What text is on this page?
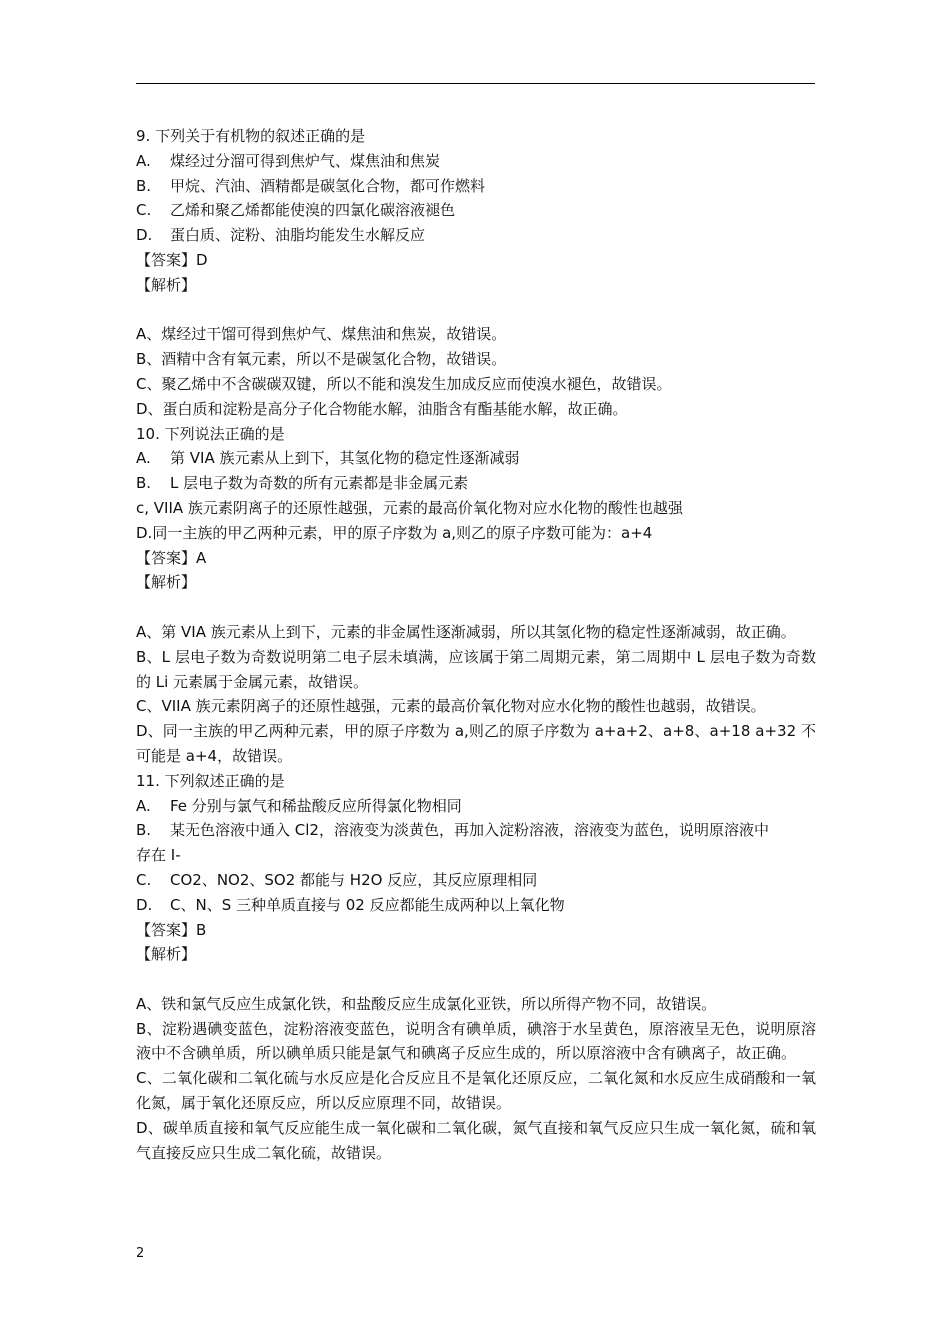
9. 下列关于有机物的叙述正确的是
A.	煤经过分溜可得到焦炉气、煤焦油和焦炭
B.	甲烷、汽油、酒精都是碳氢化合物，都可作燃料
C.	乙烯和聚乙烯都能使溴的四氯化碳溶液褪色
D.	蛋白质、淀粉、油脂均能发生水解反应
【答案】D
【解析】
A、煤经过干馏可得到焦炉气、煤焦油和焦炭，故错误。
B、酒精中含有氧元素，所以不是碳氢化合物，故错误。
C、聚乙烯中不含碳碳双键，所以不能和溴发生加成反应而使溴水褪色，故错误。
D、蛋白质和淀粉是高分子化合物能水解，油脂含有酯基能水解，故正确。
10. 下列说法正确的是
A.	第 VIA 族元素从上到下，其氢化物的稳定性逐渐减弱
B.	L 层电子数为奇数的所有元素都是非金属元素
c, VIIA 族元素阴离子的还原性越强，元素的最高价氧化物对应水化物的酸性也越强
D.同一主族的甲乙两种元素，甲的原子序数为 a,则乙的原子序数可能为：a+4
【答案】A
【解析】
A、第 VIA 族元素从上到下，元素的非金属性逐渐减弱，所以其氢化物的稳定性逐渐减弱，故正确。
B、L 层电子数为奇数说明第二电子层未填满，应该属于第二周期元素，第二周期中 L 层电子数为奇数的 Li 元素属于金属元素，故错误。
C、VIIA 族元素阴离子的还原性越强，元素的最高价氧化物对应水化物的酸性也越弱，故错误。
D、同一主族的甲乙两种元素，甲的原子序数为 a,则乙的原子序数为 a+a+2、a+8、a+18 a+32 不可能是 a+4，故错误。
11. 下列叙述正确的是
A.	Fe 分别与氯气和稀盐酸反应所得氯化物相同
B.	某无色溶液中通入 Cl2，溶液变为淡黄色，再加入淀粉溶液，溶液变为蓝色，说明原溶液中
存在 I-
C.	CO2、NO2、SO2 都能与 H2O 反应，其反应原理相同
D.	C、N、S 三种单质直接与 02 反应都能生成两种以上氧化物
【答案】B
【解析】
A、铁和氯气反应生成氯化铁，和盐酸反应生成氯化亚铁，所以所得产物不同，故错误。
B、淀粉遇碘变蓝色，淀粉溶液变蓝色，说明含有碘单质，碘溶于水呈黄色，原溶液呈无色，说明原溶液中不含碘单质，所以碘单质只能是氯气和碘离子反应生成的，所以原溶液中含有碘离子，故正确。
C、二氧化碳和二氧化硫与水反应是化合反应且不是氧化还原反应，二氧化氮和水反应生成硝酸和一氧化氮，属于氧化还原反应，所以反应原理不同，故错误。
D、碳单质直接和氧气反应能生成一氧化碳和二氧化碳，氮气直接和氧气反应只生成一氧化氮，硫和氧气直接反应只生成二氧化硫，故错误。
2
